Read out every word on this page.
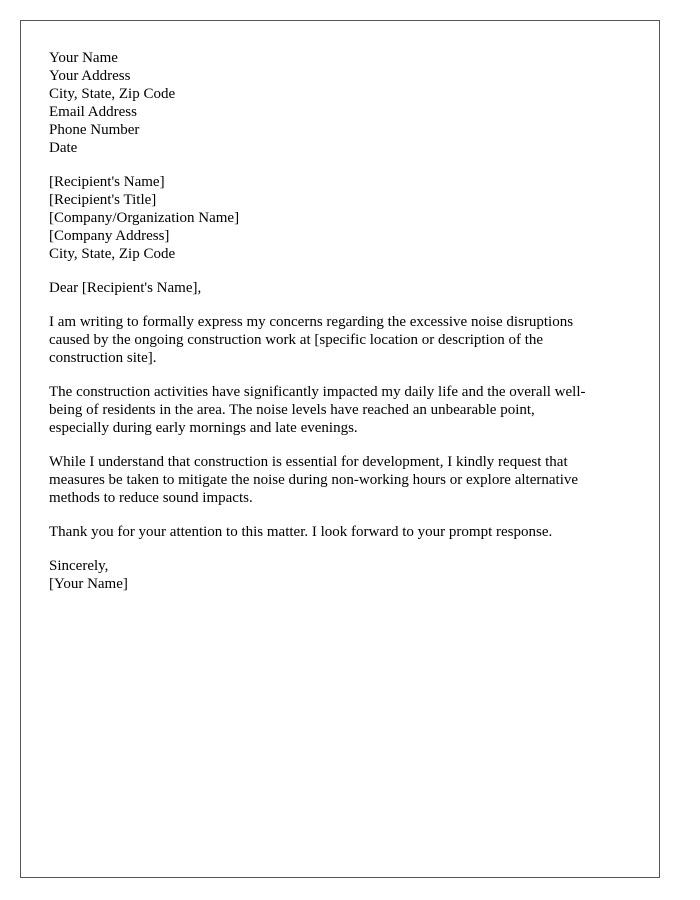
Your Name
Your Address
City, State, Zip Code
Email Address
Phone Number
Date
[Recipient's Name]
[Recipient's Title]
[Company/Organization Name]
[Company Address]
City, State, Zip Code
Dear [Recipient's Name],
I am writing to formally express my concerns regarding the excessive noise disruptions
caused by the ongoing construction work at [specific location or description of the
construction site].
The construction activities have significantly impacted my daily life and the overall well-
being of residents in the area. The noise levels have reached an unbearable point,
especially during early mornings and late evenings.
While I understand that construction is essential for development, I kindly request that
measures be taken to mitigate the noise during non-working hours or explore alternative
methods to reduce sound impacts.
Thank you for your attention to this matter. I look forward to your prompt response.
Sincerely,
[Your Name]
